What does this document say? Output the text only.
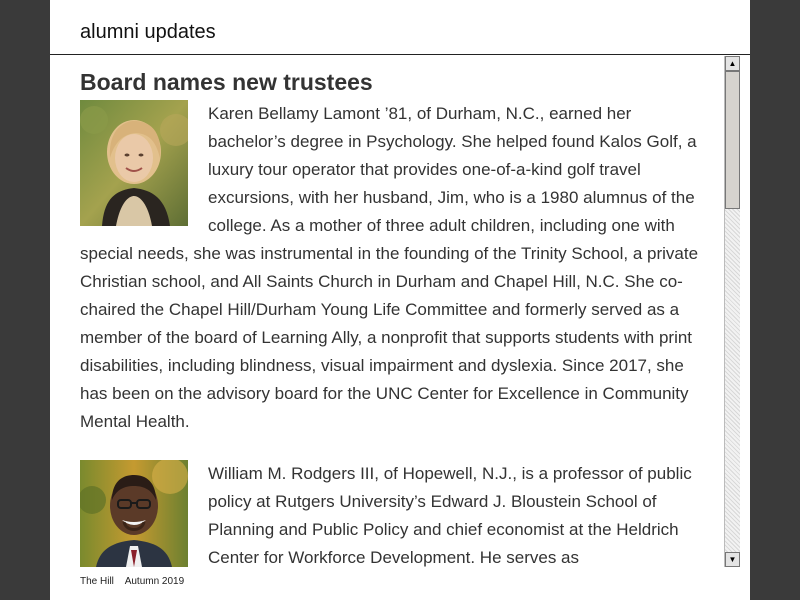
alumni updates
Board names new trustees
Karen Bellamy Lamont ’81, of Durham, N.C., earned her bachelor’s degree in Psychology. She helped found Kalos Golf, a luxury tour operator that provides one-of-a-kind golf travel excursions, with her husband, Jim, who is a 1980 alumnus of the college. As a mother of three adult children, including one with special needs, she was instrumental in the founding of the Trinity School, a private Christian school, and All Saints Church in Durham and Chapel Hill, N.C. She co-chaired the Chapel Hill/Durham Young Life Committee and formerly served as a member of the board of Learning Ally, a nonprofit that supports students with print disabilities, including blindness, visual impairment and dyslexia. Since 2017, she has been on the advisory board for the UNC Center for Excellence in Community Mental Health.
William M. Rodgers III, of Hopewell, N.J., is a professor of public policy at Rutgers University’s Edward J. Bloustein School of Planning and Public Policy and chief economist at the Heldrich Center for Workforce Development. He serves as
The Hill Autumn 2019
▲
▼
